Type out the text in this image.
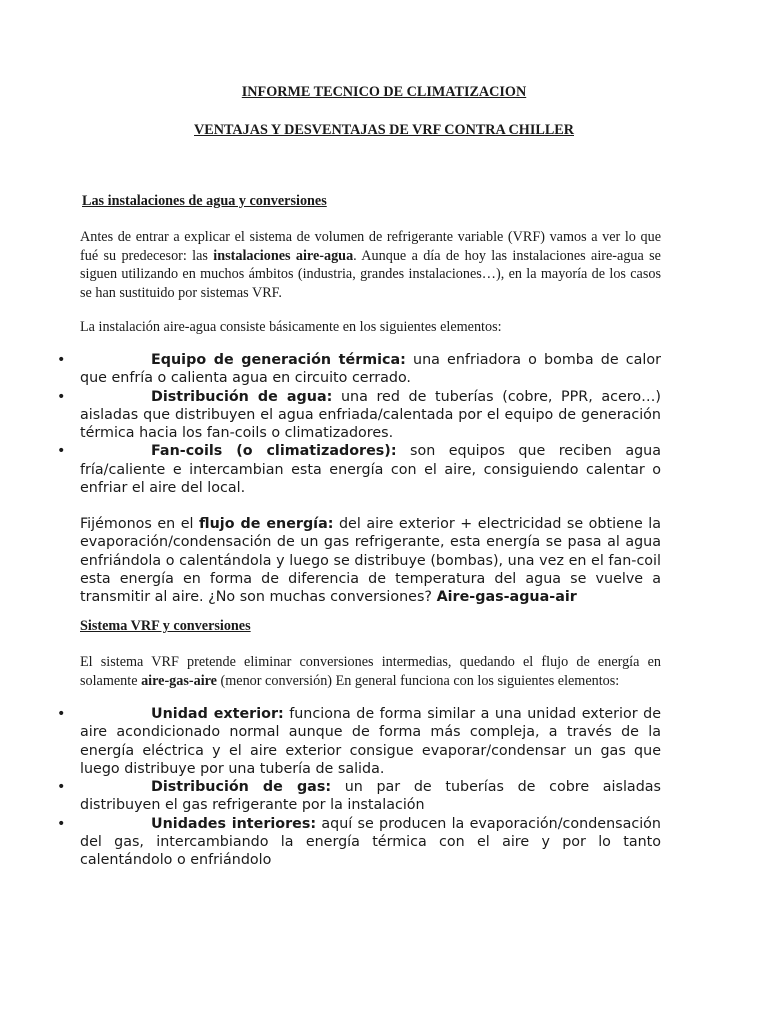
INFORME TECNICO DE CLIMATIZACION
VENTAJAS Y DESVENTAJAS DE VRF CONTRA CHILLER
Las instalaciones de agua y conversiones

Antes de entrar a explicar el sistema de volumen de refrigerante variable (VRF) vamos a ver lo que fué su predecesor: las instalaciones aire-agua. Aunque a día de hoy las instalaciones aire-agua se siguen utilizando en muchos ámbitos (industria, grandes instalaciones…), en la mayoría de los casos se han sustituido por sistemas VRF.

La instalación aire-agua consiste básicamente en los siguientes elementos:

•	Equipo de generación térmica: una enfriadora o bomba de calor que enfría o calienta agua en circuito cerrado.
•	Distribución de agua: una red de tuberías (cobre, PPR, acero…) aisladas que distribuyen el agua enfriada/calentada por el equipo de generación térmica hacia los fan-coils o climatizadores.
•	Fan-coils (o climatizadores): son equipos que reciben agua fría/caliente e intercambian esta energía con el aire, consiguiendo calentar o enfriar el aire del local.

Fijémonos en el flujo de energía: del aire exterior + electricidad se obtiene la evaporación/condensación de un gas refrigerante, esta energía se pasa al agua enfriándola o calentándola y luego se distribuye (bombas), una vez en el fan-coil esta energía en forma de diferencia de temperatura del agua se vuelve a transmitir al aire. ¿No son muchas conversiones? Aire-gas-agua-air

Sistema VRF y conversiones

El sistema VRF pretende eliminar conversiones intermedias, quedando el flujo de energía en solamente aire-gas-aire (menor conversión) En general funciona con los siguientes elementos:

•	Unidad exterior: funciona de forma similar a una unidad exterior de aire acondicionado normal aunque de forma más compleja, a través de la energía eléctrica y el aire exterior consigue evaporar/condensar un gas que luego distribuye por una tubería de salida.
•	Distribución de gas: un par de tuberías de cobre aisladas distribuyen el gas refrigerante por la instalación
•	Unidades interiores: aquí se producen la evaporación/condensación del gas, intercambiando la energía térmica con el aire y por lo tanto calentándolo o enfriándolo
